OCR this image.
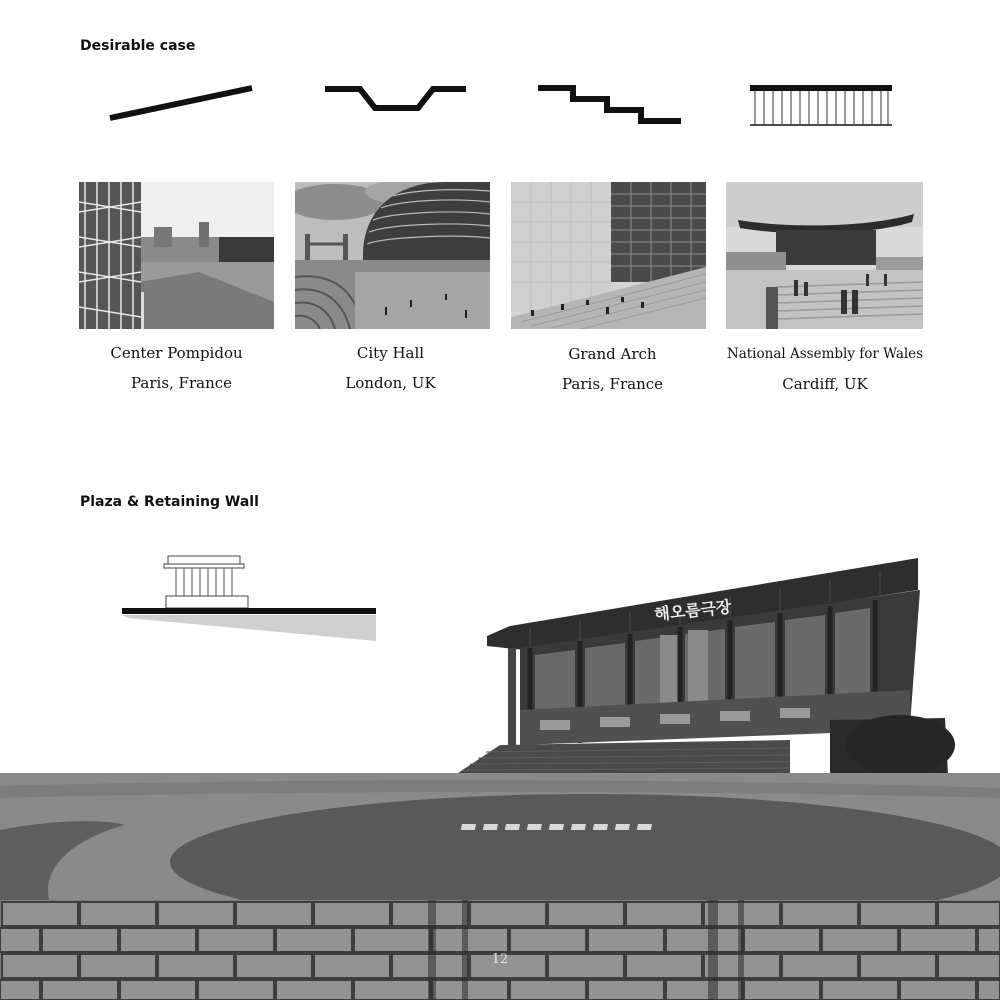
Desirable case
Center Pompidou
Paris, France
City Hall
London, UK
Grand Arch
Paris, France
National Assembly for Wales
Cardiff, UK
Plaza & Retaining Wall
해오름극장
12
